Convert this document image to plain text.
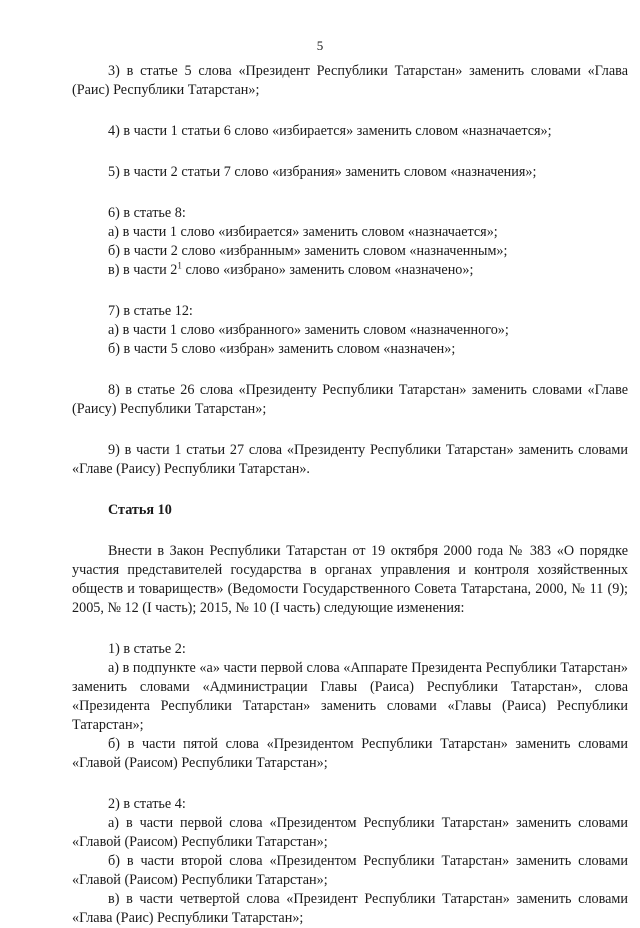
5

3) в статье 5 слова «Президент Республики Татарстан» заменить словами «Глава (Раис) Республики Татарстан»;

4) в части 1 статьи 6 слово «избирается» заменить словом «назначается»;

5) в части 2 статьи 7 слово «избрания» заменить словом «назначения»;

6) в статье 8:

а) в части 1 слово «избирается» заменить словом «назначается»;

б) в части 2 слово «избранным» заменить словом «назначенным»;

в) в части $2^1$ слово «избрано» заменить словом «назначено»;

7) в статье 12:

а) в части 1 слово «избранного» заменить словом «назначенного»;

б) в части 5 слово «избран» заменить словом «назначен»;

8) в статье 26 слова «Президенту Республики Татарстан» заменить словами «Главе (Раису) Республики Татарстан»;

9) в части 1 статьи 27 слова «Президенту Республики Татарстан» заменить словами «Главе (Раису) Республики Татарстан».

Статья 10

Внести в Закон Республики Татарстан от 19 октября 2000 года № 383 «О порядке участия представителей государства в органах управления и контроля хозяйственных обществ и товариществ» (Ведомости Государственного Совета Татарстана, 2000, № 11 (9); 2005, № 12 (I часть); 2015, № 10 (I часть) следующие изменения:

1) в статье 2:

а) в подпункте «а» части первой слова «Аппарате Президента Республики Татарстан» заменить словами «Администрации Главы (Раиса) Республики Татарстан», слова «Президента Республики Татарстан» заменить словами «Главы (Раиса) Республики Татарстан»;

б) в части пятой слова «Президентом Республики Татарстан» заменить словами «Главой (Раисом) Республики Татарстан»;

2) в статье 4:

а) в части первой слова «Президентом Республики Татарстан» заменить словами «Главой (Раисом) Республики Татарстан»;

б) в части второй слова «Президентом Республики Татарстан» заменить словами «Главой (Раисом) Республики Татарстан»;

в) в части четвертой слова «Президент Республики Татарстан» заменить словами «Глава (Раис) Республики Татарстан»;
